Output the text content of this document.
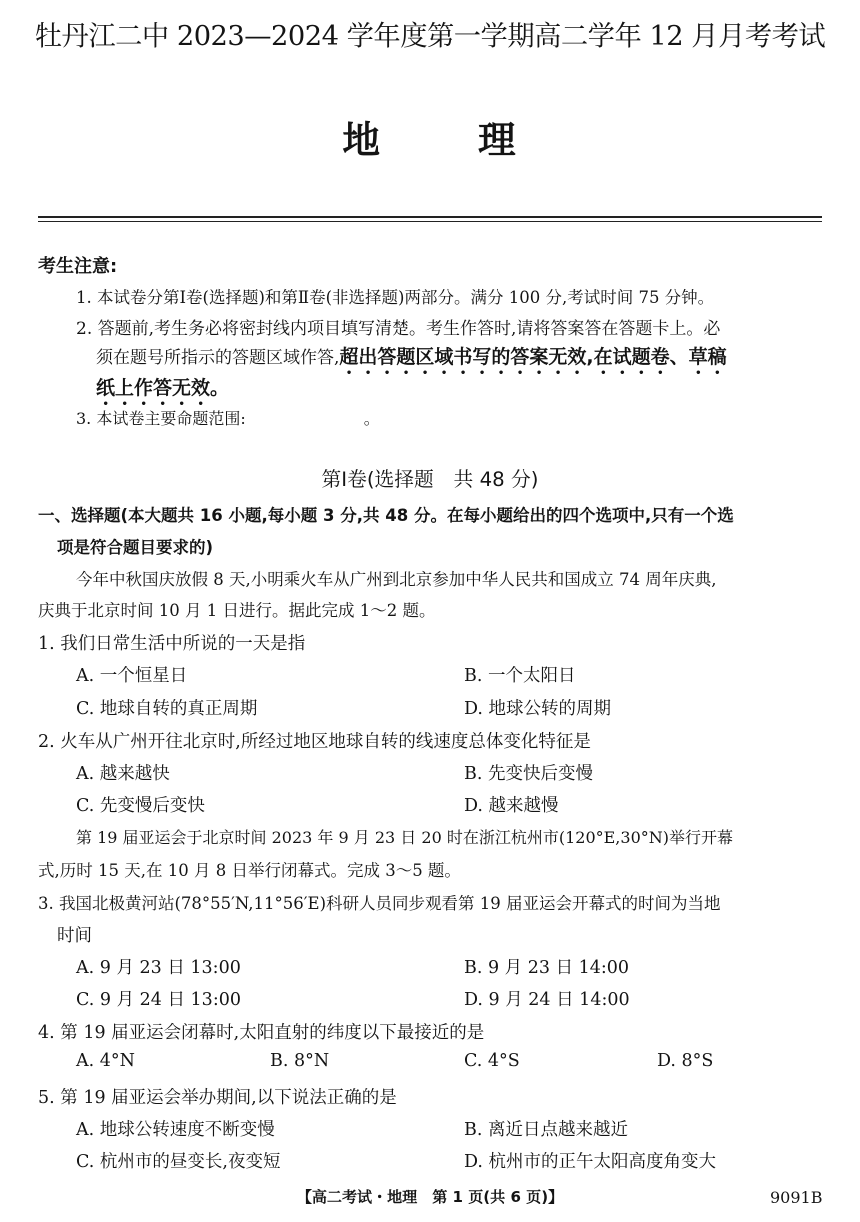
牡丹江二中 2023—2024 学年度第一学期高二学年 12 月月考考试
地	理
考生注意:
1. 本试卷分第Ⅰ卷(选择题)和第Ⅱ卷(非选择题)两部分。满分 100 分,考试时间 75 分钟。
2. 答题前,考生务必将密封线内项目填写清楚。考生作答时,请将答案答在答题卡上。必
须在题号所指示的答题区域作答,超出答题区域书写的答案无效,在试题卷、草稿
纸上作答无效。
3. 本试卷主要命题范围:	。
第Ⅰ卷(选择题　共 48 分)
一、选择题(本大题共 16 小题,每小题 3 分,共 48 分。在每小题给出的四个选项中,只有一个选
项是符合题目要求的)
今年中秋国庆放假 8 天,小明乘火车从广州到北京参加中华人民共和国成立 74 周年庆典,
庆典于北京时间 10 月 1 日进行。据此完成 1～2 题。
1. 我们日常生活中所说的一天是指
A. 一个恒星日	B. 一个太阳日
C. 地球自转的真正周期	D. 地球公转的周期
2. 火车从广州开往北京时,所经过地区地球自转的线速度总体变化特征是
A. 越来越快	B. 先变快后变慢
C. 先变慢后变快	D. 越来越慢
第 19 届亚运会于北京时间 2023 年 9 月 23 日 20 时在浙江杭州市(120°E,30°N)举行开幕
式,历时 15 天,在 10 月 8 日举行闭幕式。完成 3～5 题。
3. 我国北极黄河站(78°55′N,11°56′E)科研人员同步观看第 19 届亚运会开幕式的时间为当地
时间
A. 9 月 23 日 13:00	B. 9 月 23 日 14:00
C. 9 月 24 日 13:00	D. 9 月 24 日 14:00
4. 第 19 届亚运会闭幕时,太阳直射的纬度以下最接近的是
A. 4°N	B. 8°N	C. 4°S	D. 8°S
5. 第 19 届亚运会举办期间,以下说法正确的是
A. 地球公转速度不断变慢	B. 离近日点越来越近
C. 杭州市的昼变长,夜变短	D. 杭州市的正午太阳高度角变大
【高二考试・地理　第 1 页(共 6 页)】	9091B
